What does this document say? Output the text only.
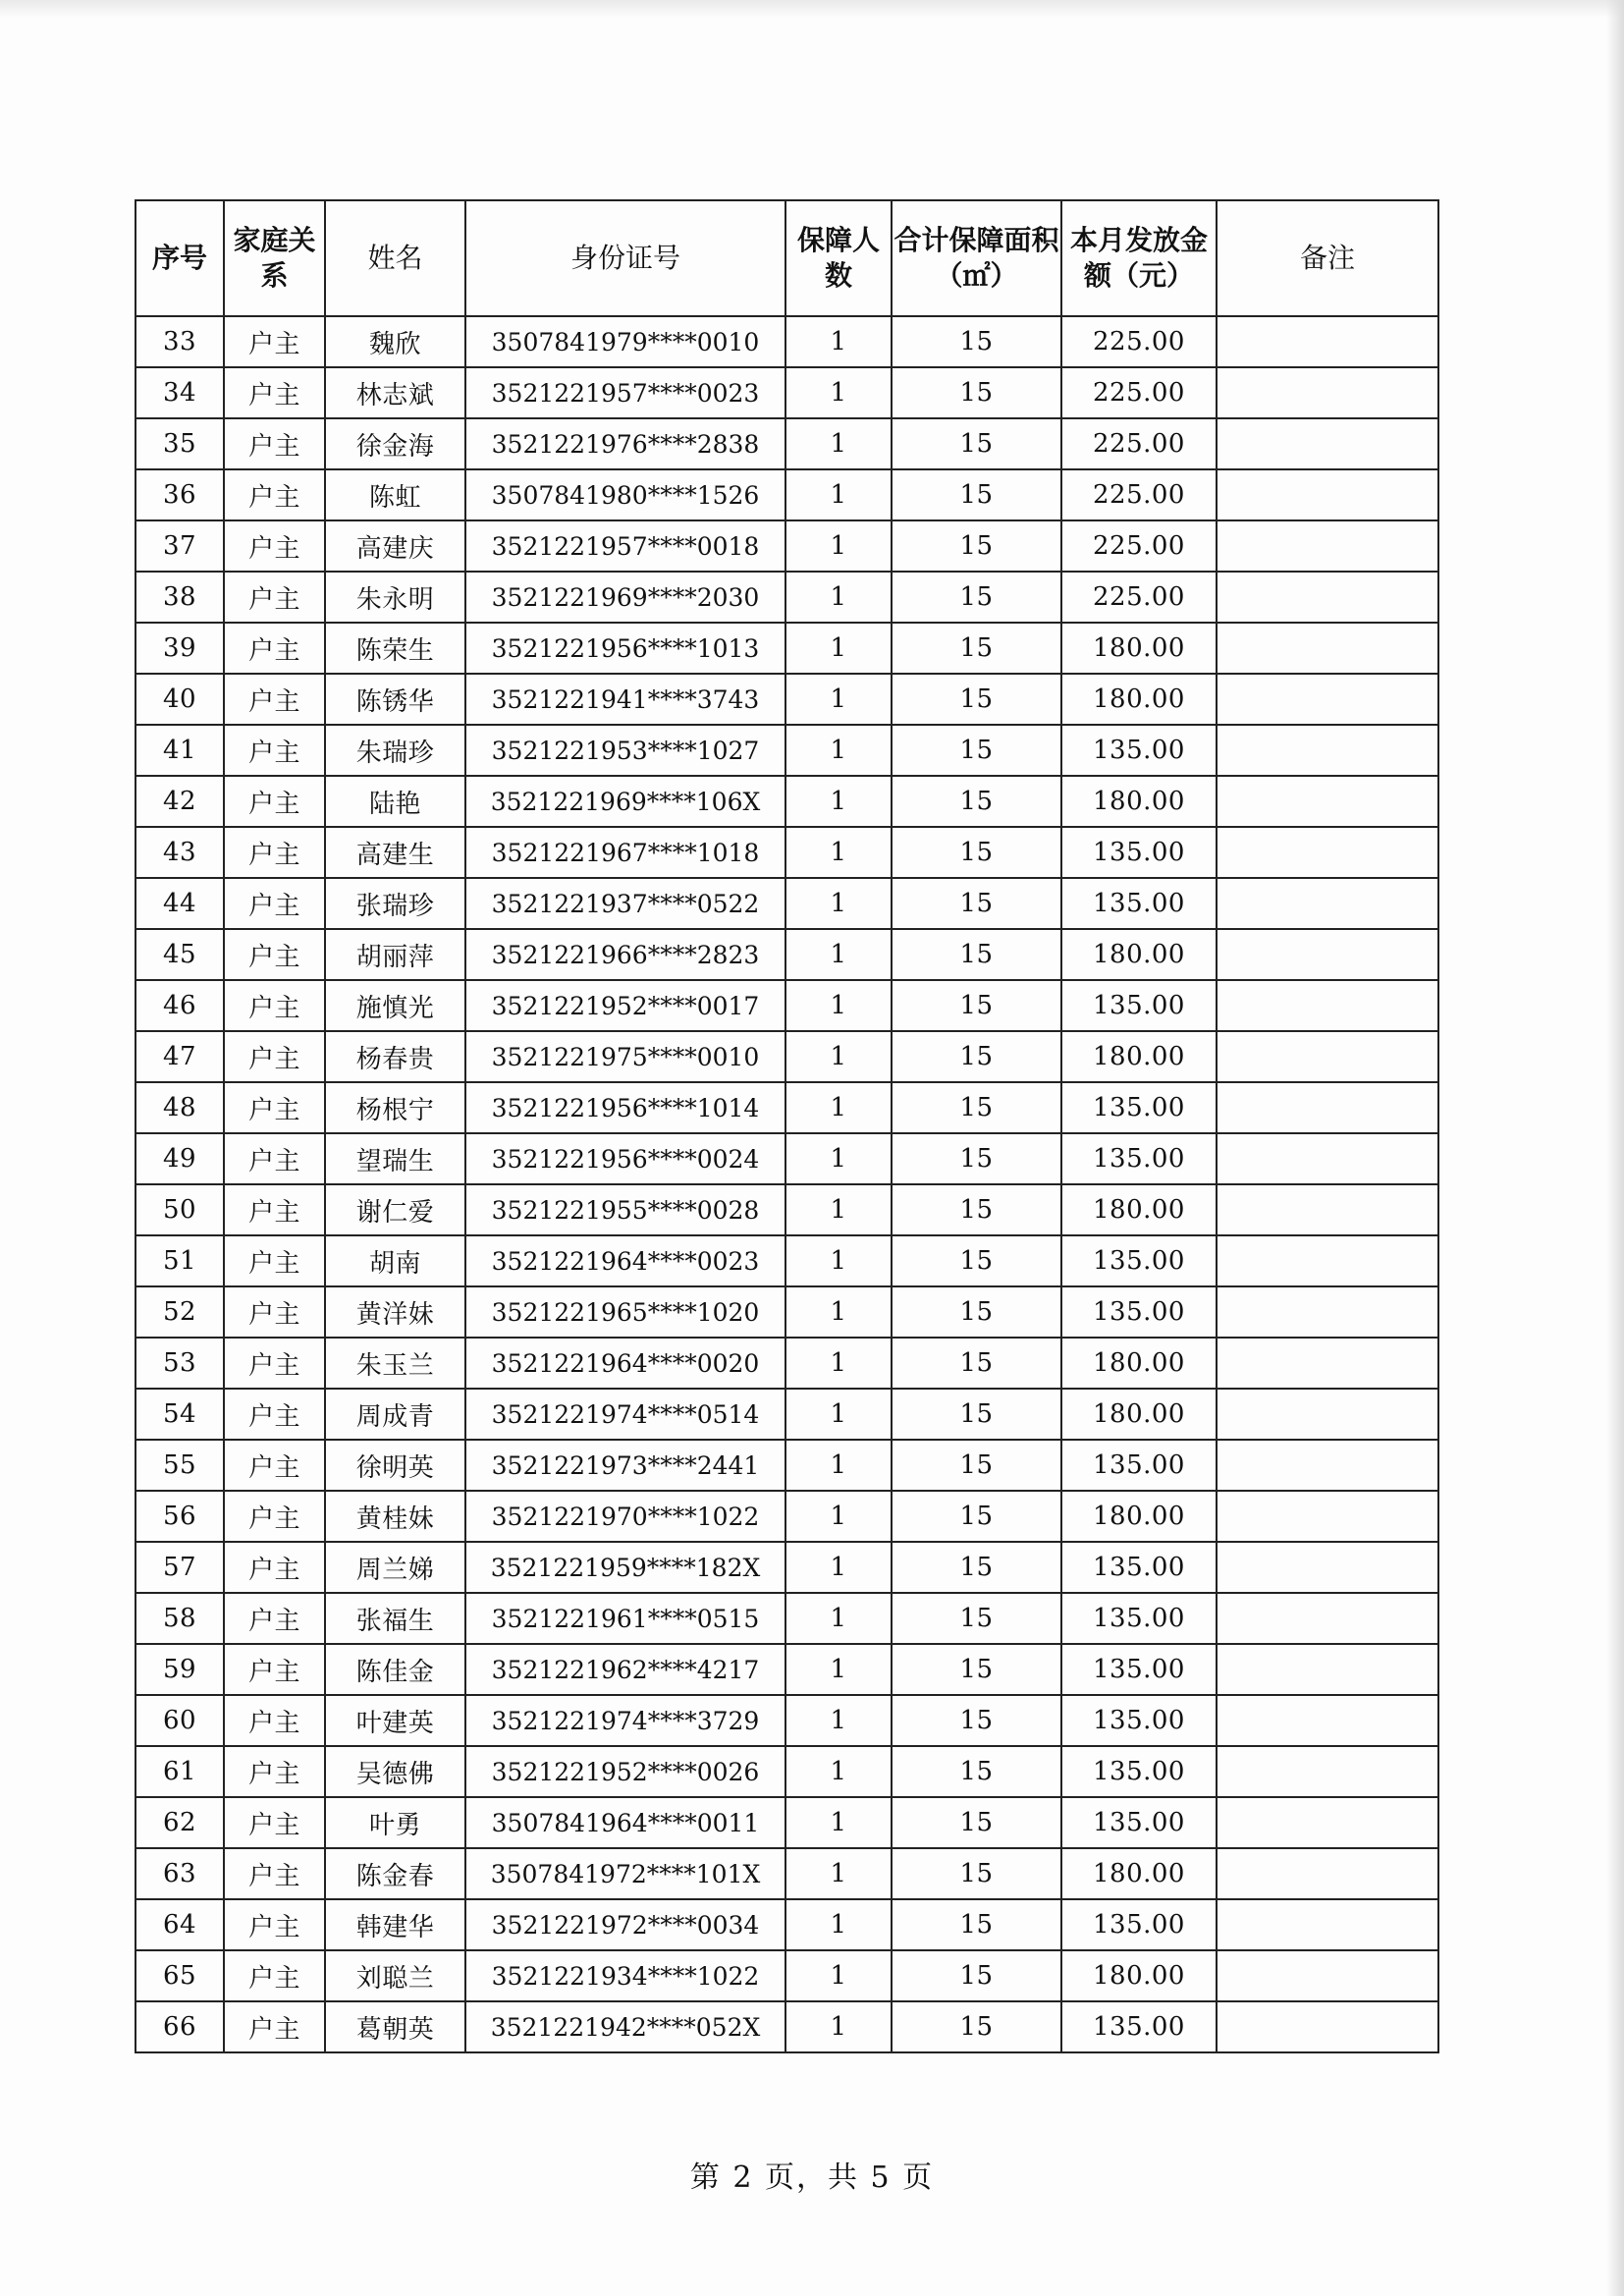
序号	家庭关系	姓名	身份证号	保障人数	合计保障面积（㎡）	本月发放金额（元）	备注
33	户主	魏欣	3507841979****0010	1	15	225.00	
34	户主	林志斌	3521221957****0023	1	15	225.00	
35	户主	徐金海	3521221976****2838	1	15	225.00	
36	户主	陈虹	3507841980****1526	1	15	225.00	
37	户主	高建庆	3521221957****0018	1	15	225.00	
38	户主	朱永明	3521221969****2030	1	15	225.00	
39	户主	陈荣生	3521221956****1013	1	15	180.00	
40	户主	陈锈华	3521221941****3743	1	15	180.00	
41	户主	朱瑞珍	3521221953****1027	1	15	135.00	
42	户主	陆艳	3521221969****106X	1	15	180.00	
43	户主	高建生	3521221967****1018	1	15	135.00	
44	户主	张瑞珍	3521221937****0522	1	15	135.00	
45	户主	胡丽萍	3521221966****2823	1	15	180.00	
46	户主	施慎光	3521221952****0017	1	15	135.00	
47	户主	杨春贵	3521221975****0010	1	15	180.00	
48	户主	杨根宁	3521221956****1014	1	15	135.00	
49	户主	望瑞生	3521221956****0024	1	15	135.00	
50	户主	谢仁爱	3521221955****0028	1	15	180.00	
51	户主	胡南	3521221964****0023	1	15	135.00	
52	户主	黄洋妹	3521221965****1020	1	15	135.00	
53	户主	朱玉兰	3521221964****0020	1	15	180.00	
54	户主	周成青	3521221974****0514	1	15	180.00	
55	户主	徐明英	3521221973****2441	1	15	135.00	
56	户主	黄桂妹	3521221970****1022	1	15	180.00	
57	户主	周兰娣	3521221959****182X	1	15	135.00	
58	户主	张福生	3521221961****0515	1	15	135.00	
59	户主	陈佳金	3521221962****4217	1	15	135.00	
60	户主	叶建英	3521221974****3729	1	15	135.00	
61	户主	吴德佛	3521221952****0026	1	15	135.00	
62	户主	叶勇	3507841964****0011	1	15	135.00	
63	户主	陈金春	3507841972****101X	1	15	180.00	
64	户主	韩建华	3521221972****0034	1	15	135.00	
65	户主	刘聪兰	3521221934****1022	1	15	180.00	
66	户主	葛朝英	3521221942****052X	1	15	135.00	
第 2 页，共 5 页
